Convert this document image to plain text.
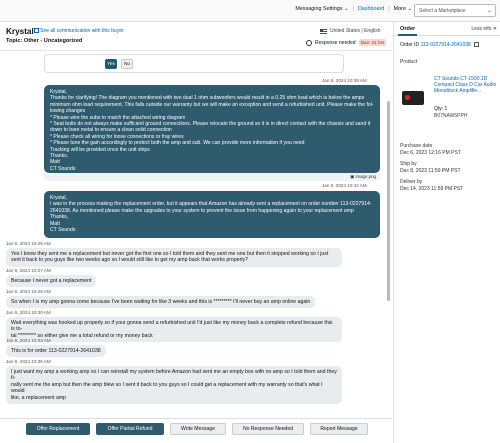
Messaging Settings ⌄ | Dashboard | More ⌄	Select a Marketplace	⌄
Krystal	See all communication with this buyer
Topic: Other - Uncategorized
United States | English
Response needed	Due: 21 hrs
Yes	No
Jan 6, 2024 10:39 AM
Krystal,
Thanks for clarifying! The diagram you mentioned with two dual 1 ohm subwoofers would result in a 0.25 ohm load which is below the amps
minimum ohm load requirement. This falls outside our warranty but we will make an exception and send a refurbished unit. Please make the fol-
lowing changes
* Please wire the subs to match the attached wiring diagram
* Seat bolts do not always make sufficient ground connections. Please relocate the ground so it is in direct contact with the chassis and sand it
down to bare metal to ensure a clean solid connection
* Please check all wiring for loose connections or fray wires
* Please tune the gain accordingly to protect both the amp and sub. We can provide more information if you need
Tracking will be provided once the unit ships
Thanks,
Matt
CT Sounds
▣ image.png
Jan 6, 2024 10:42 AM
Krystal,
I was in the process making the replacement order, but it appears that Amazon has already sent a replacement on order number 113-0227914-
2641038. As mentioned please make the upgrades to your system to prevent the issue from happening again to your replacement amp
Thanks,
Matt
CT Sounds
Jan 6, 2024 10:26 AM
Yes I know they sent me a replacement but never got the first one so I told them and they sent me one but then it stopped working so I just
sent it back to you guys like two weeks ago so I would still like to get my amp back that works properly?
Jan 6, 2024 10:27 AM
Because I never got a replacement
Jan 6, 2024 10:28 AM
So when I is my amp gonna come because I've been waiting for like 3 weeks and this is ********* I'll never buy an amp online again
Jan 6, 2024 10:30 AM
Wait everything was hooked up properly so if your gonna send a refurbished unit I'd just like my money back a complete refund because this is to-
tal ********* so either give me a total refund or my money back
Jan 6, 2024 10:33 AM
This is for order 113-0227914-2641038
Jan 6, 2024 10:35 AM
I just want my amp a working amp so I can reinstall my system before Amazon had sent me an empty box with no amp so I told them and they fi-
nally sent me the amp but then the amp blew so I sent it back to you guys so I could get a replacement with my warranty so that's what I would
like, a replacement amp
Offer Replacement	Offer Partial Refund	Write Message	No Response Needed	Report Message
Order	Less info ✕
Order ID 113-0227914-2641038
Product
CT Sounds CT-1500.1D Compact Class D Car Audio Monoblock Amplifie...
Qty: 1
B07NAW5PPH
Purchase date
Dec 6, 2023 12:16 PM PST
Ship by
Dec 8, 2023 11:59 PM PST
Deliver by
Dec 14, 2023 11:59 PM PST
